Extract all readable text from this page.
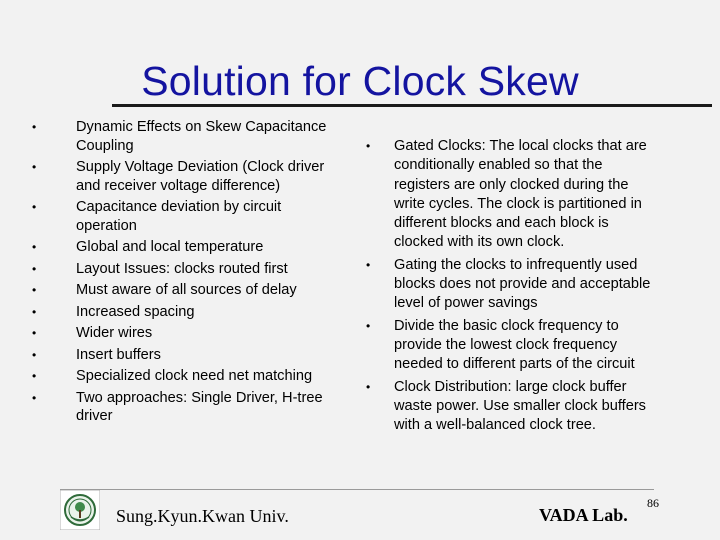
Solution for Clock Skew
•	Dynamic Effects on Skew Capacitance Coupling
•	Supply Voltage Deviation (Clock driver and receiver voltage difference)
•	Capacitance deviation by circuit operation
•	Global and local temperature
•	Layout Issues: clocks routed first
•	Must aware of all sources of delay
•	Increased spacing
•	Wider wires
•	Insert buffers
•	Specialized clock need net matching
•	Two approaches: Single Driver, H-tree driver
• Gated Clocks: The local clocks that are conditionally enabled so that the registers are only clocked during the write cycles. The clock is partitioned in different blocks and each block is clocked with its own clock.
• Gating the clocks to infrequently used blocks does not provide and acceptable level of power savings
• Divide the basic clock frequency to provide the lowest clock frequency needed to different parts of the circuit
• Clock Distribution: large clock buffer waste power. Use smaller clock buffers with a well-balanced clock tree.
Sung.Kyun.Kwan Univ.	VADA Lab.
86
